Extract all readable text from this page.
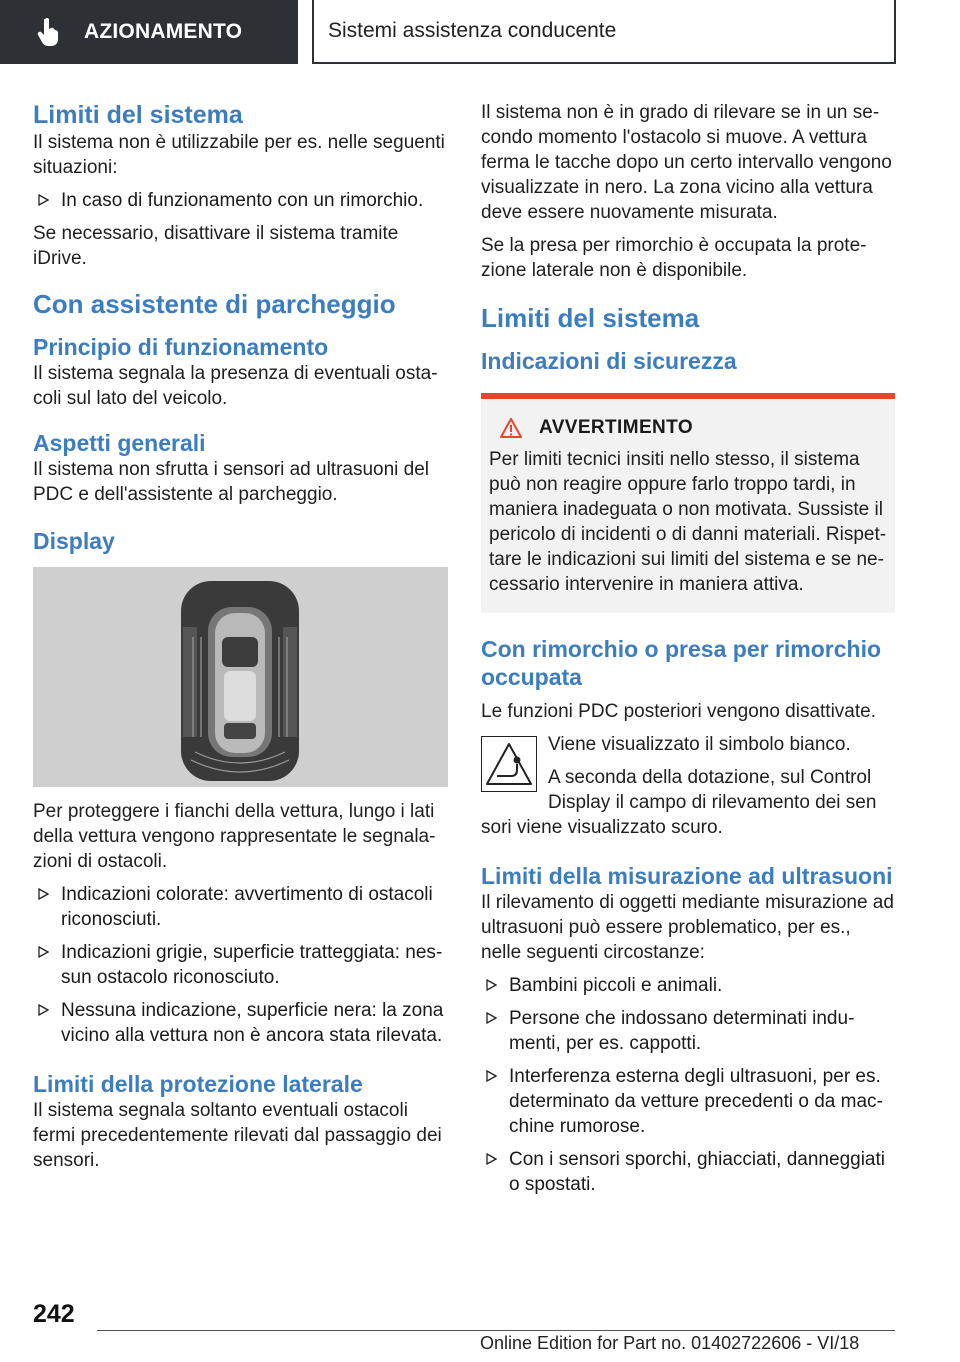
AZIONAMENTO	Sistemi assistenza conducente
Limiti del sistema

Il sistema non è utilizzabile per es. nelle seguenti situazioni:

In caso di funzionamento con un rimorchio.

Se necessario, disattivare il sistema tramite iDrive.

Con assistente di parcheggio
Principio di funzionamento

Il sistema segnala la presenza di eventuali ostacoli sul lato del veicolo.

Aspetti generali

Il sistema non sfrutta i sensori ad ultrasuoni del PDC e dell'assistente al parcheggio.

Display

Per proteggere i fianchi della vettura, lungo i lati della vettura vengono rappresentate le segnalazioni di ostacoli.

Indicazioni colorate: avvertimento di ostacoli riconosciuti.
Indicazioni grigie, superficie tratteggiata: nessun ostacolo riconosciuto.
Nessuna indicazione, superficie nera: la zona vicino alla vettura non è ancora stata rilevata.
Limiti della protezione laterale

Il sistema segnala soltanto eventuali ostacoli fermi precedentemente rilevati dal passaggio dei sensori.

Il sistema non è in grado di rilevare se in un secondo momento l'ostacolo si muove. A vettura ferma le tacche dopo un certo intervallo vengono visualizzate in nero. La zona vicino alla vettura deve essere nuovamente misurata.

Se la presa per rimorchio è occupata la protezione laterale non è disponibile.

Limiti del sistema
Indicazioni di sicurezza
AVVERTIMENTO

Per limiti tecnici insiti nello stesso, il sistema può non reagire oppure farlo troppo tardi, in maniera inadeguata o non motivata. Sussiste il pericolo di incidenti o di danni materiali. Rispettare le indicazioni sui limiti del sistema e se necessario intervenire in maniera attiva.

Con rimorchio o presa per rimorchio occupata

Le funzioni PDC posteriori vengono disattivate.

Viene visualizzato il simbolo bianco.

A seconda della dotazione, sul Control Display il campo di rilevamento dei sen

sori viene visualizzato scuro.

Limiti della misurazione ad ultrasuoni

Il rilevamento di oggetti mediante misurazione ad ultrasuoni può essere problematico, per es., nelle seguenti circostanze:

Bambini piccoli e animali.
Persone che indossano determinati indumenti, per es. cappotti.
Interferenza esterna degli ultrasuoni, per es. determinato da vetture precedenti o da macchine rumorose.
Con i sensori sporchi, ghiacciati, danneggiati o spostati.
242
Online Edition for Part no. 01402722606 - VI/18
